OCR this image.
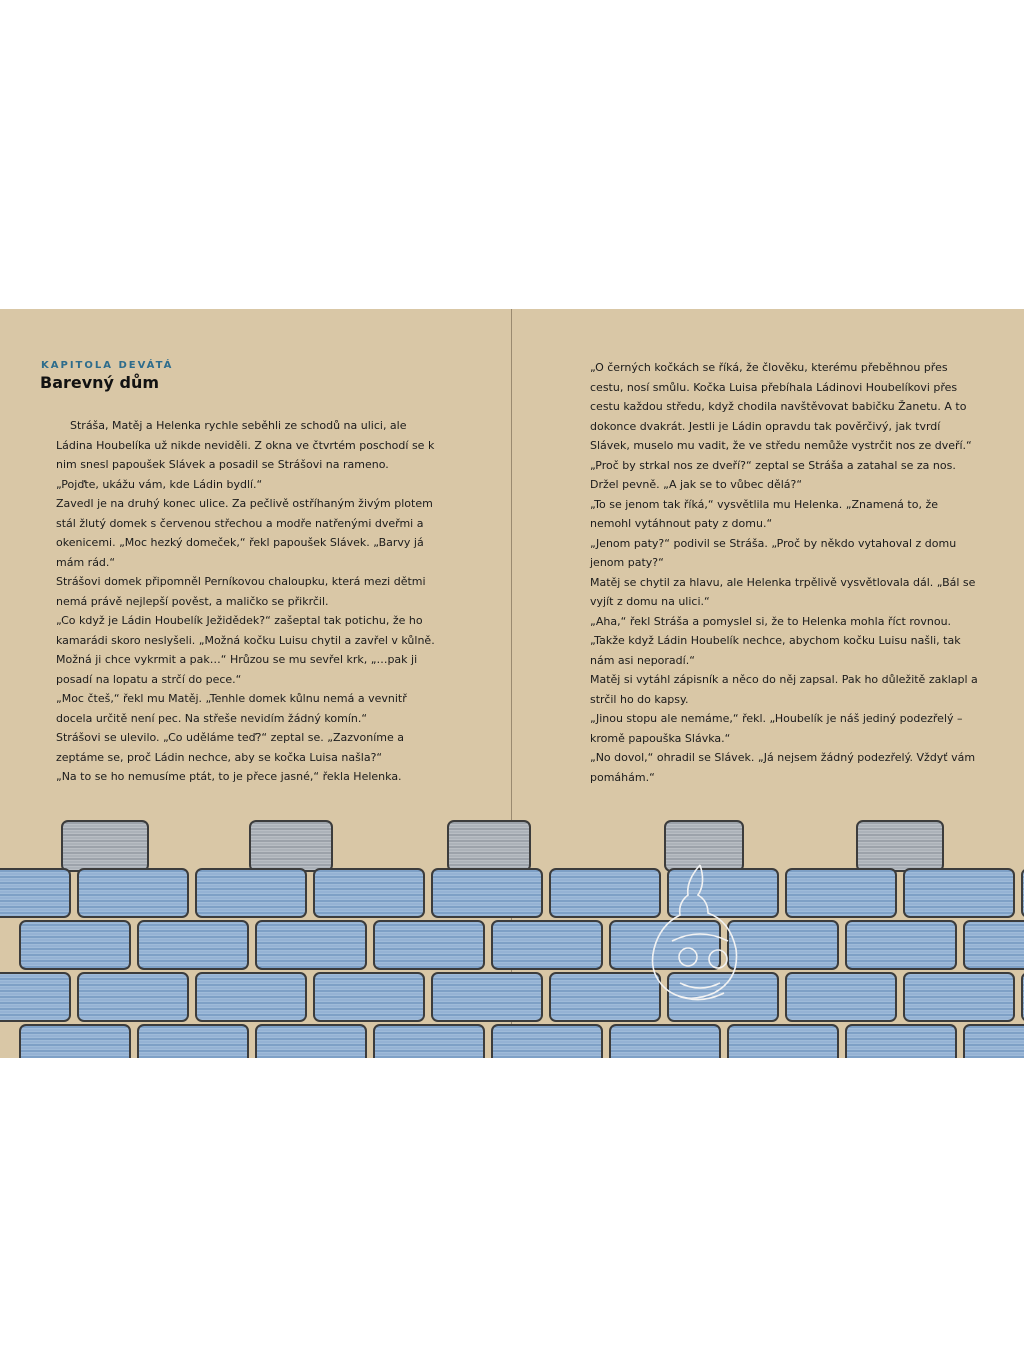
KAPITOLA DEVÁTÁ
Barevný dům

Stráša, Matěj a Helenka rychle seběhli ze schodů na ulici, ale Ládina Houbelíka už nikde neviděli. Z okna ve čtvrtém poschodí se k nim snesl papoušek Slávek a posadil se Strášovi na rameno.

„Pojďte, ukážu vám, kde Ládin bydlí.“

Zavedl je na druhý konec ulice. Za pečlivě ostříhaným živým plotem stál žlutý domek s červenou střechou a modře natřenými dveřmi a okenicemi. „Moc hezký domeček,“ řekl papoušek Slávek. „Barvy já mám rád.“

Strášovi domek připomněl Perníkovou chaloupku, která mezi dětmi nemá právě nejlepší pověst, a maličko se přikrčil.

„Co když je Ládin Houbelík Ježidědek?“ zašeptal tak potichu, že ho kamarádi skoro neslyšeli. „Možná kočku Luisu chytil a zavřel v kůlně. Možná ji chce vykrmit a pak…“ Hrůzou se mu sevřel krk, „…pak ji posadí na lopatu a strčí do pece.“

„Moc čteš,“ řekl mu Matěj. „Tenhle domek kůlnu nemá a vevnitř docela určitě není pec. Na střeše nevidím žádný komín.“

Strášovi se ulevilo. „Co uděláme teď?“ zeptal se. „Zazvoníme a zeptáme se, proč Ládin nechce, aby se kočka Luisa našla?“

„Na to se ho nemusíme ptát, to je přece jasné,“ řekla Helenka.

„O černých kočkách se říká, že člověku, kterému přeběhnou přes cestu, nosí smůlu. Kočka Luisa přebíhala Ládinovi Houbelíkovi přes cestu každou středu, když chodila navštěvovat babičku Žanetu. A to dokonce dvakrát. Jestli je Ládin opravdu tak pověrčivý, jak tvrdí Slávek, muselo mu vadit, že ve středu nemůže vystrčit nos ze dveří.“

„Proč by strkal nos ze dveří?“ zeptal se Stráša a zatahal se za nos. Držel pevně. „A jak se to vůbec dělá?“

„To se jenom tak říká,“ vysvětlila mu Helenka. „Znamená to, že nemohl vytáhnout paty z domu.“

„Jenom paty?“ podivil se Stráša. „Proč by někdo vytahoval z domu jenom paty?“

Matěj se chytil za hlavu, ale Helenka trpělivě vysvětlovala dál. „Bál se vyjít z domu na ulici.“

„Aha,“ řekl Stráša a pomyslel si, že to Helenka mohla říct rovnou. „Takže když Ládin Houbelík nechce, abychom kočku Luisu našli, tak nám asi neporadí.“

Matěj si vytáhl zápisník a něco do něj zapsal. Pak ho důležitě zaklapl a strčil ho do kapsy.

„Jinou stopu ale nemáme,“ řekl. „Houbelík je náš jediný podezřelý – kromě papouška Slávka.“

„No dovol,“ ohradil se Slávek. „Já nejsem žádný podezřelý. Vždyť vám pomáhám.“
